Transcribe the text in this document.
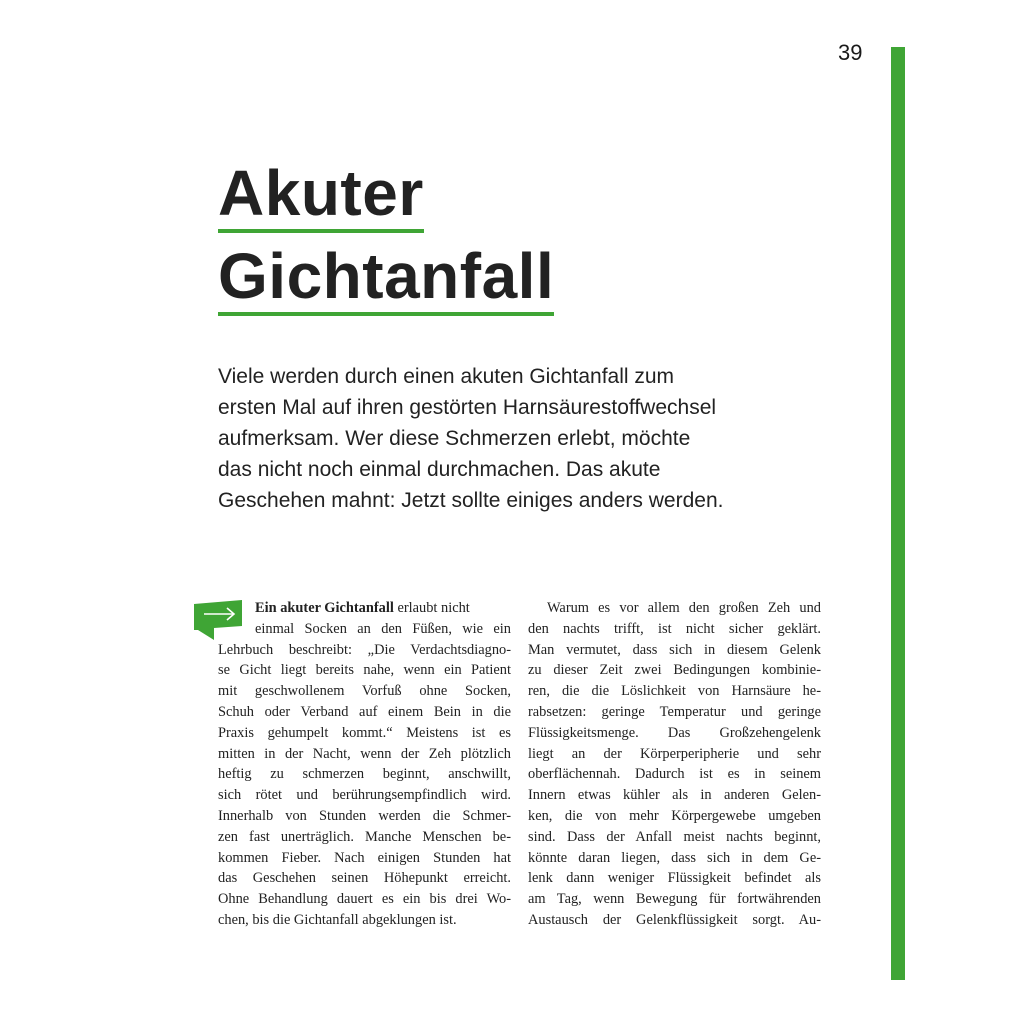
39
Akuter
Gichtanfall
Viele werden durch einen akuten Gichtanfall zum
ersten Mal auf ihren gestörten Harnsäurestoffwechsel
aufmerksam. Wer diese Schmerzen erlebt, möchte
das nicht noch einmal durchmachen. Das akute
Geschehen mahnt: Jetzt sollte einiges anders werden.
Ein akuter Gichtanfall erlaubt nicht
einmal Socken an den Füßen, wie ein
Lehrbuch beschreibt: „Die Verdachtsdiagno-
se Gicht liegt bereits nahe, wenn ein Patient
mit geschwollenem Vorfuß ohne Socken,
Schuh oder Verband auf einem Bein in die
Praxis gehumpelt kommt.“ Meistens ist es
mitten in der Nacht, wenn der Zeh plötzlich
heftig zu schmerzen beginnt, anschwillt,
sich rötet und berührungsempfindlich wird.
Innerhalb von Stunden werden die Schmer-
zen fast unerträglich. Manche Menschen be-
kommen Fieber. Nach einigen Stunden hat
das Geschehen seinen Höhepunkt erreicht.
Ohne Behandlung dauert es ein bis drei Wo-
chen, bis die Gichtanfall abgeklungen ist.
Warum es vor allem den großen Zeh und
den nachts trifft, ist nicht sicher geklärt.
Man vermutet, dass sich in diesem Gelenk
zu dieser Zeit zwei Bedingungen kombinie-
ren, die die Löslichkeit von Harnsäure he-
rabsetzen: geringe Temperatur und geringe
Flüssigkeitsmenge. Das Großzehengelenk
liegt an der Körperperipherie und sehr
oberflächennah. Dadurch ist es in seinem
Innern etwas kühler als in anderen Gelen-
ken, die von mehr Körpergewebe umgeben
sind. Dass der Anfall meist nachts beginnt,
könnte daran liegen, dass sich in dem Ge-
lenk dann weniger Flüssigkeit befindet als
am Tag, wenn Bewegung für fortwährenden
Austausch der Gelenkflüssigkeit sorgt. Au-
